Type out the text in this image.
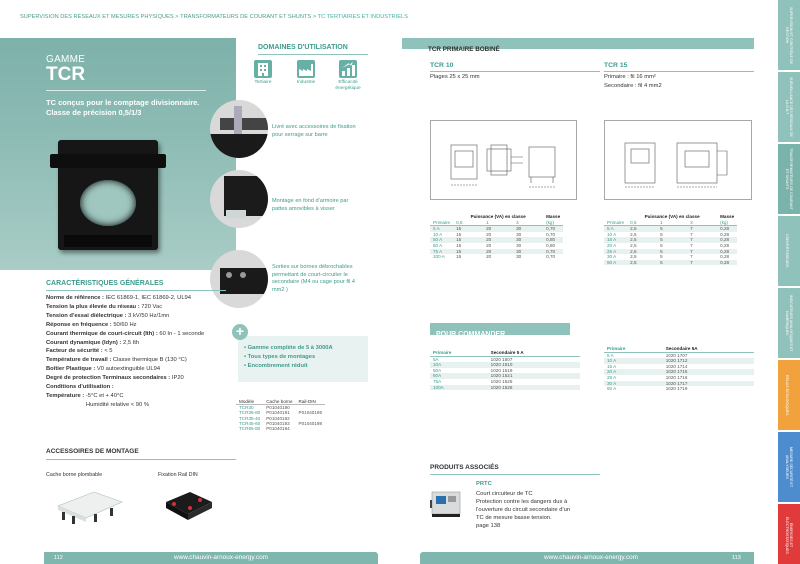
SUPERVISION DES RÉSEAUX ET MESURES PHYSIQUES > TRANSFORMATEURS DE COURANT ET SHUNTS > TC TERTIAIRES ET INDUSTRIELS
GAMME
TCR
TC conçus pour le comptage divisionnaire.
Classe de précision 0,5/1/3
DOMAINES D'UTILISATION
Tertiaire	Industrie	Efficacité énergétique
Livré avec accessoires de fixation pour serrage sur barre
Montage en fond d'armoire par pattes amovibles à visser
Sorties sur bornes débrochables permettant de court-circuiter le secondaire (M4 ou cage pour fil 4 mm2 )
CARACTÉRISTIQUES GÉNÉRALES
Norme de référence : IEC 61869-1, IEC 61869-2, UL94
Tension la plus élevée du réseau : 720 Vac
Tension d'essai diélectrique : 3 kV/50 Hz/1mn
Réponse en fréquence : 50/60 Hz
Courant thermique de court-circuit (Ith) : 60 In - 1 seconde
Courant dynamique (Idyn) : 2,5 Ith
Facteur de sécurité : < 5
Température de travail : Classe thermique B (130 °C)
Boîtier Plastique : V0 autoextinguible UL94
Degré de protection Terminaux secondaires : IP20
Conditions d'utilisation :
Température : -5°C et + 40°C
Humidité relative < 90 %
• Gamme complète de 5 à 3000A
• Tous types de montages
• Encombrement réduit
+
Modèle	Cache borne	Rail-DIN
TCR30	P01040190	
TCR35-80	P01040191	P01040195
TCR35-40	P01040192	
TCR45-60	P01040193	P01040198
TCR65-80	P01040194	
ACCESSOIRES DE MONTAGE
Cache borne plombable	Fixation Rail DIN
112	www.chauvin-arnoux-energy.com	www.chauvin-arnoux-energy.com	113
TCR PRIMAIRE BOBINÉ
TCR 10
Plages 25 x 25 mm
TCR 15
Primaire : fil 16 mm²
Secondaire : fil 4 mm2
	Puissance (VA) en classe			Masse
Primaire	0,5	1	3	(kg)
5 A	15	20	30	0,70
10 A	15	20	30	0,70
50 A	15	20	30	0,80
60 A	15	20	30	0,80
75 A	15	20	30	0,70
100 A	15	20	30	0,70
	Puissance (VA) en classe			Masse
Primaire	0,5	1	3	(kg)
5 A	2,5	5	7	0,28
10 A	2,5	5	7	0,28
15 A	2,5	5	7	0,28
20 A	2,5	5	7	0,28
25 A	2,5	5	7	0,28
30 A	2,5	5	7	0,28
50 A	2,5	5	7	0,28
POUR COMMANDER
Primaire	Secondaire 5 A
5A	1020 1507
10A	1020 1510
50A	1020 1519
60A	1020 1521
75A	1020 1525
100A	1020 1526
Primaire	Secondaire 5A
5 A	1020 1707
10 A	1020 1712
15 A	1020 1714
20 A	1020 1715
25 A	1020 1716
30 A	1020 1717
50 A	1020 1719
PRODUITS ASSOCIÉS
PRTC
Court circuiteur de TC
Protection contre les dangers dus à
l'ouverture du circuit secondaire d'un
TC de mesure basse tension.
page 138
SUPERVISION ET CONTRÔLE DE GESTION
SURVEILLANCE DES RÉSEAUX DE LA G.B.T
TRANSFORMATEURS DE COURANT ET SHUNTS
CONVERTISSEURS
INDICATEURS ANALOGIQUES ET NUMÉRIQUES
RELAIS ÉCOLOGIQUES
MESURE SÉCURITÉ ET ANALYSEURS
ÉNERGIES ET ÉLECTROSTATIQUES
